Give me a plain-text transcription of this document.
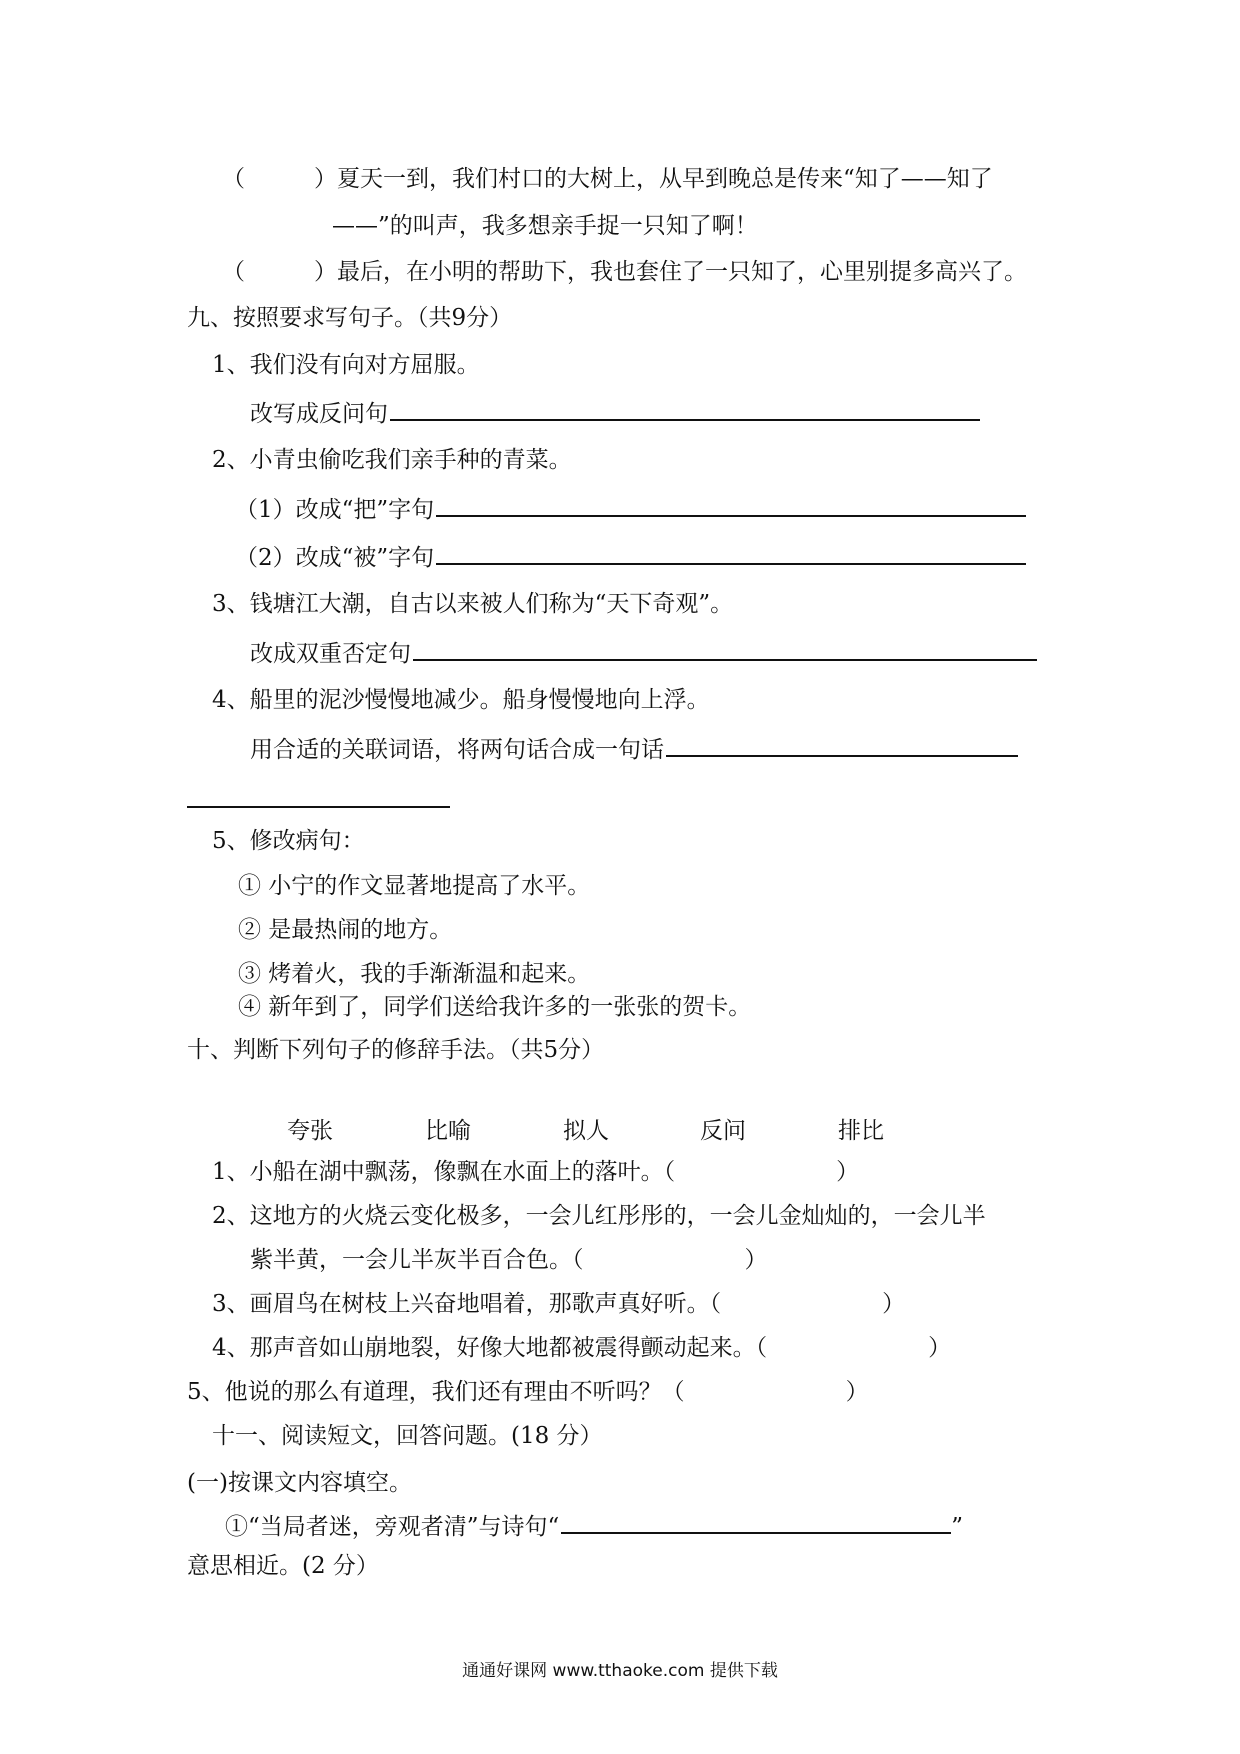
（　　　）夏天一到，我们村口的大树上，从早到晚总是传来“知了——知了
——”的叫声，我多想亲手捉一只知了啊！
（　　　）最后，在小明的帮助下，我也套住了一只知了，心里别提多高兴了。
九、按照要求写句子。（共9分）
1、我们没有向对方屈服。
改写成反问句
2、小青虫偷吃我们亲手种的青菜。
（1）改成“把”字句
（2）改成“被”字句
3、钱塘江大潮，自古以来被人们称为“天下奇观”。
改成双重否定句
4、船里的泥沙慢慢地减少。船身慢慢地向上浮。
用合适的关联词语，将两句话合成一句话
5、修改病句：
① 小宁的作文显著地提高了水平。
② 是最热闹的地方。
③ 烤着火，我的手渐渐温和起来。
④ 新年到了，同学们送给我许多的一张张的贺卡。
十、判断下列句子的修辞手法。（共5分）
夸张	比喻	拟人	反问	排比
1、小船在湖中飘荡，像飘在水面上的落叶。（　　　　　　　）
2、这地方的火烧云变化极多，一会儿红彤彤的，一会儿金灿灿的，一会儿半
紫半黄，一会儿半灰半百合色。（　　　　　　　）
3、画眉鸟在树枝上兴奋地唱着，那歌声真好听。（　　　　　　　）
4、那声音如山崩地裂，好像大地都被震得颤动起来。（　　　　　　　）
5、他说的那么有道理，我们还有理由不听吗？（　　　　　　　）
十一、阅读短文，回答问题。(18 分）
(一)按课文内容填空。
①“当局者迷，旁观者清”与诗句“	”
意思相近。(2 分）
通通好课网 www.tthaoke.com 提供下载
